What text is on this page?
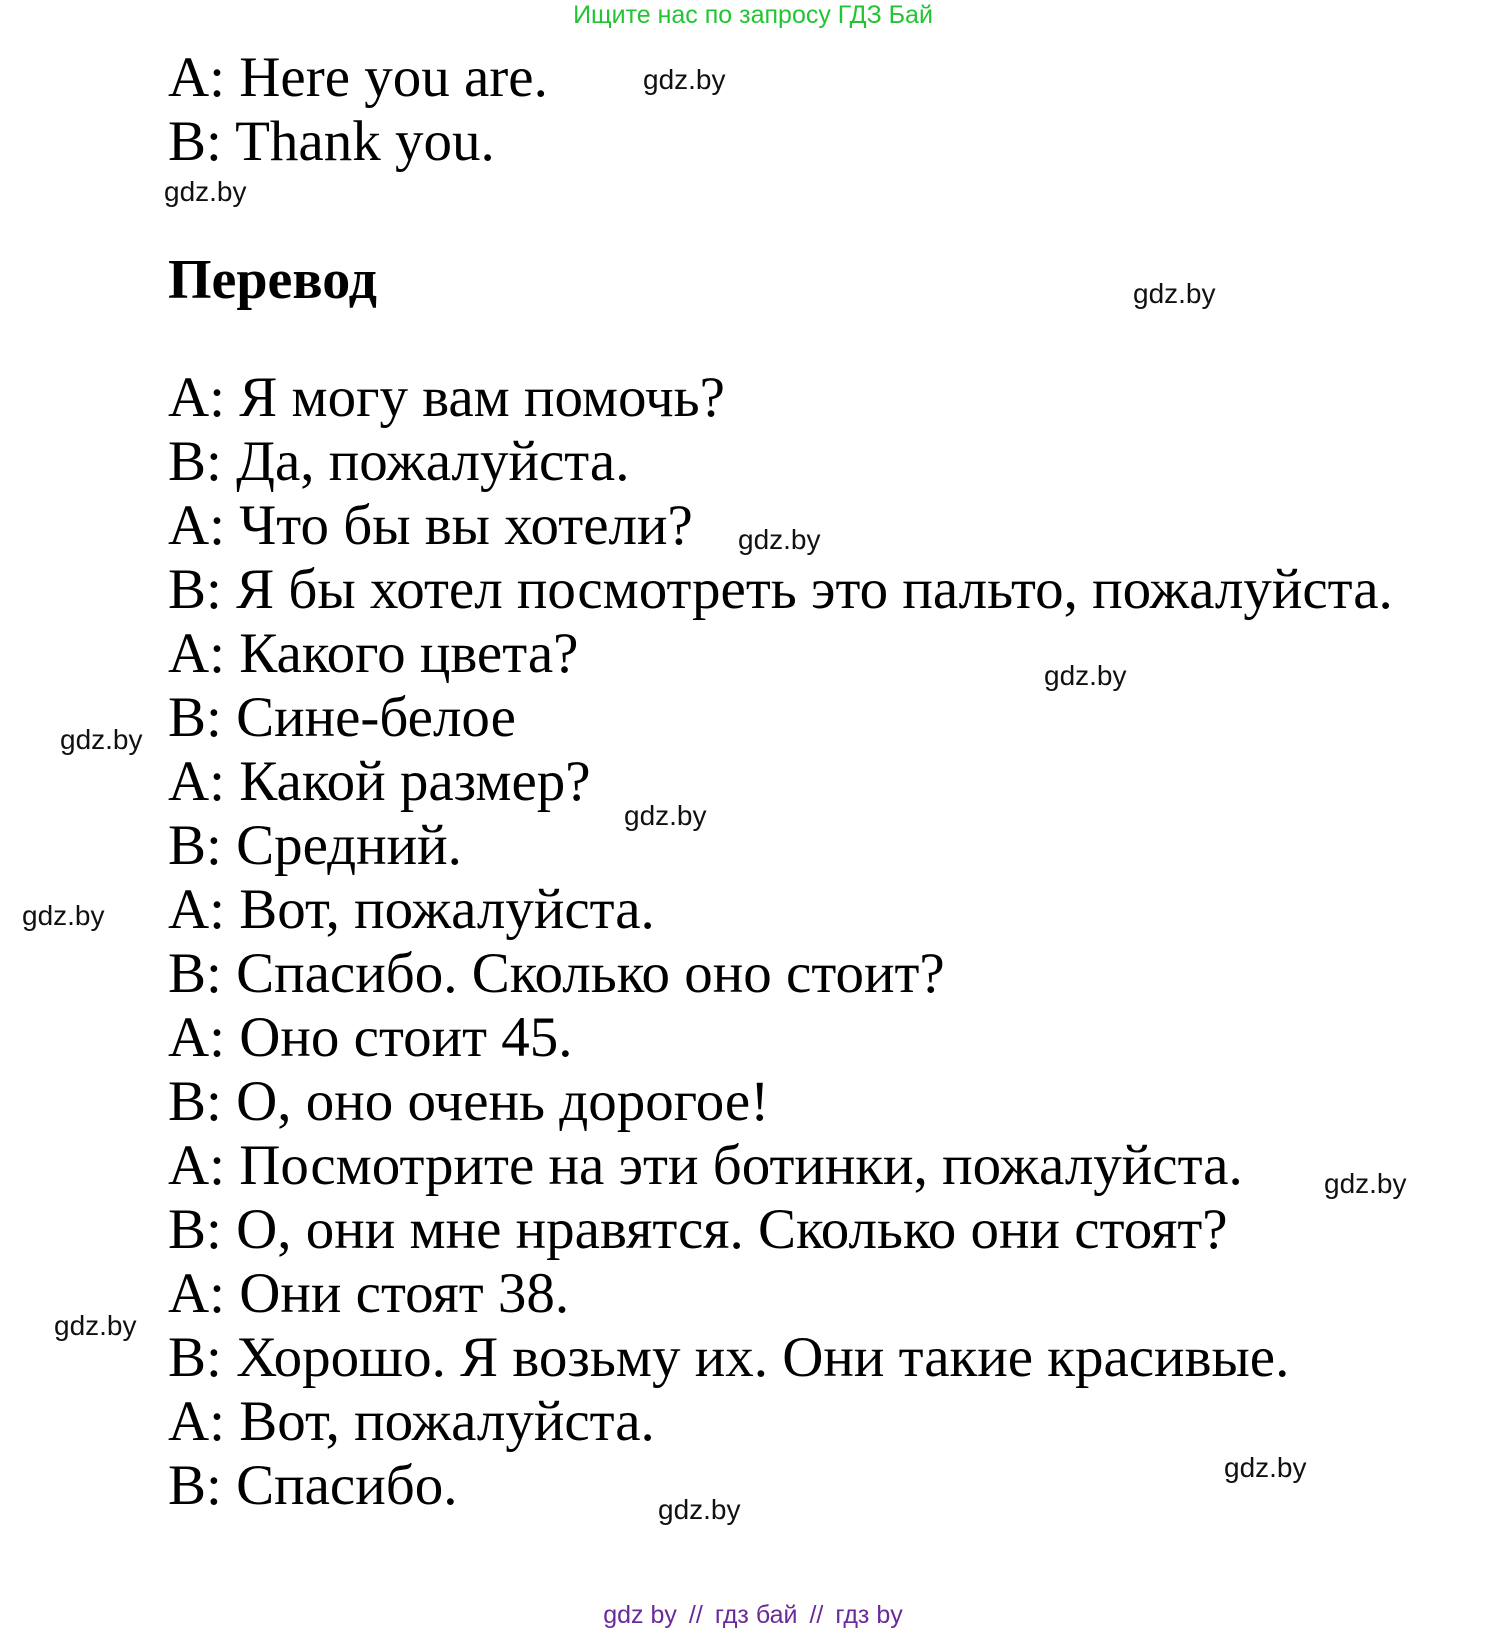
Ищите нас по запросу ГДЗ Бай
A: Here you are.
B: Thank you.
Перевод
A: Я могу вам помочь?
B: Да, пожалуйста.
A: Что бы вы хотели?
B: Я бы хотел посмотреть это пальто, пожалуйста.
A: Какого цвета?
B: Сине-белое
A: Какой размер?
B: Средний.
A: Вот, пожалуйста.
B: Спасибо. Сколько оно стоит?
A: Оно стоит 45.
B: О, оно очень дорогое!
A: Посмотрите на эти ботинки, пожалуйста.
B: О, они мне нравятся. Сколько они стоят?
A: Они стоят 38.
B: Хорошо. Я возьму их. Они такие красивые.
A: Вот, пожалуйста.
B: Спасибо.
gdz.by
gdz.by
gdz.by
gdz.by
gdz.by
gdz.by
gdz.by
gdz.by
gdz.by
gdz.by
gdz.by
gdz.by
gdz by // гдз бай // гдз by
